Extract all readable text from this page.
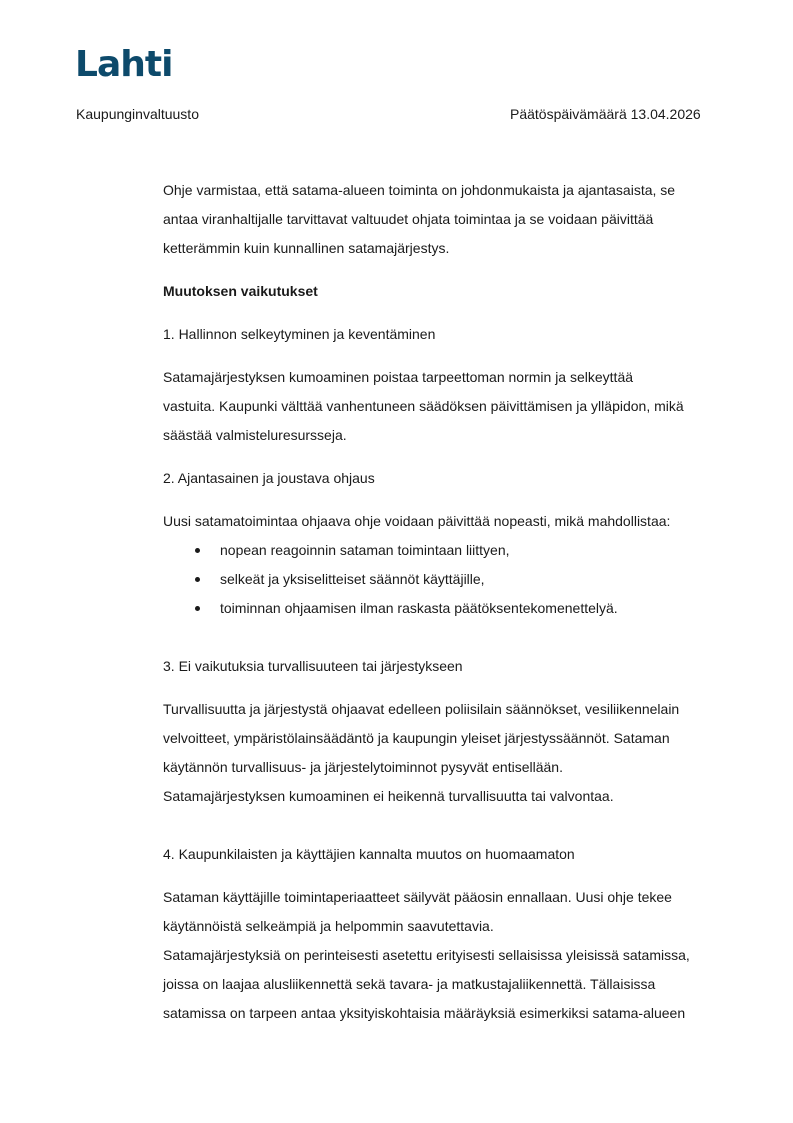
Lahti
Kaupunginvaltuusto	Päätöspäivämäärä 13.04.2026

Ohje varmistaa, että satama-alueen toiminta on johdonmukaista ja ajantasaista, se

antaa viranhaltijalle tarvittavat valtuudet ohjata toimintaa ja se voidaan päivittää

ketterämmin kuin kunnallinen satamajärjestys.

Muutoksen vaikutukset

1. Hallinnon selkeytyminen ja keventäminen

Satamajärjestyksen kumoaminen poistaa tarpeettoman normin ja selkeyttää

vastuita. Kaupunki välttää vanhentuneen säädöksen päivittämisen ja ylläpidon, mikä

säästää valmisteluresursseja.

2. Ajantasainen ja joustava ohjaus

Uusi satamatoimintaa ohjaava ohje voidaan päivittää nopeasti, mikä mahdollistaa:

nopean reagoinnin sataman toimintaan liittyen,
selkeät ja yksiselitteiset säännöt käyttäjille,
toiminnan ohjaamisen ilman raskasta päätöksentekomenettelyä.

3. Ei vaikutuksia turvallisuuteen tai järjestykseen

Turvallisuutta ja järjestystä ohjaavat edelleen poliisilain säännökset, vesiliikennelain

velvoitteet, ympäristölainsäädäntö ja kaupungin yleiset järjestyssäännöt. Sataman

käytännön turvallisuus- ja järjestelytoiminnot pysyvät entisellään.

Satamajärjestyksen kumoaminen ei heikennä turvallisuutta tai valvontaa.

4. Kaupunkilaisten ja käyttäjien kannalta muutos on huomaamaton

Sataman käyttäjille toimintaperiaatteet säilyvät pääosin ennallaan. Uusi ohje tekee

käytännöistä selkeämpiä ja helpommin saavutettavia.

Satamajärjestyksiä on perinteisesti asetettu erityisesti sellaisissa yleisissä satamissa,

joissa on laajaa alusliikennettä sekä tavara- ja matkustajaliikennettä. Tällaisissa

satamissa on tarpeen antaa yksityiskohtaisia määräyksiä esimerkiksi satama-alueen
